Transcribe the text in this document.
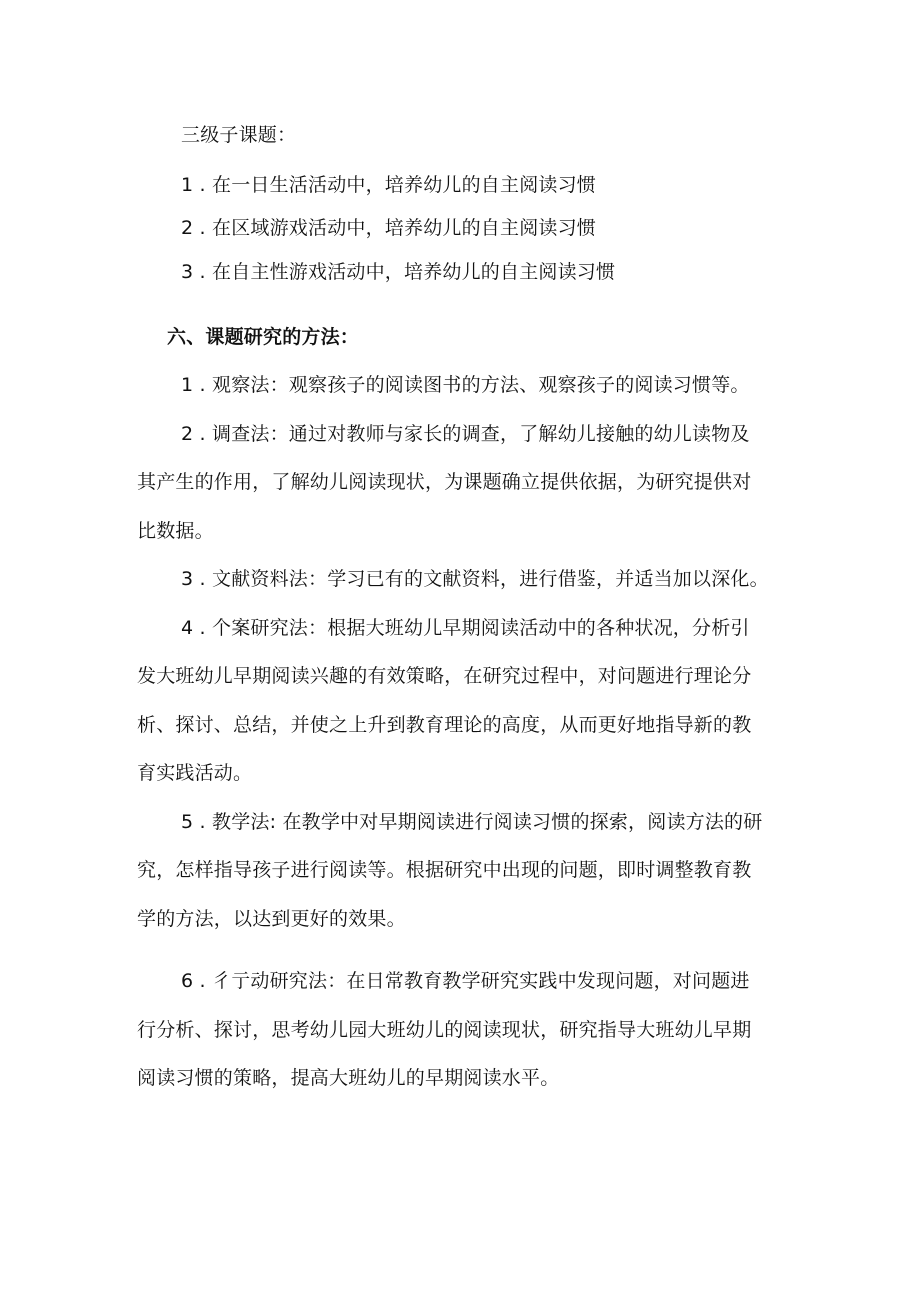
三级子课题：
1 . 在一日生活活动中，培养幼儿的自主阅读习惯
2 . 在区域游戏活动中，培养幼儿的自主阅读习惯
3 . 在自主性游戏活动中，培养幼儿的自主阅读习惯
六、课题研究的方法：
1 . 观察法：观察孩子的阅读图书的方法、观察孩子的阅读习惯等。
2 . 调查法：通过对教师与家长的调查，了解幼儿接触的幼儿读物及
其产生的作用，了解幼儿阅读现状，为课题确立提供依据，为研究提供对
比数据。
3 . 文献资料法：学习已有的文献资料，进行借鉴，并适当加以深化。
4 . 个案研究法：根据大班幼儿早期阅读活动中的各种状况，分析引
发大班幼儿早期阅读兴趣的有效策略，在研究过程中，对问题进行理论分
析、探讨、总结，并使之上升到教育理论的高度，从而更好地指导新的教
育实践活动。
5 . 教学法: 在教学中对早期阅读进行阅读习惯的探索，阅读方法的研
究，怎样指导孩子进行阅读等。根据研究中出现的问题，即时调整教育教
学的方法，以达到更好的效果。
6 . 彳亍动研究法：在日常教育教学研究实践中发现问题，对问题进
行分析、探讨，思考幼儿园大班幼儿的阅读现状，研究指导大班幼儿早期
阅读习惯的策略，提高大班幼儿的早期阅读水平。
